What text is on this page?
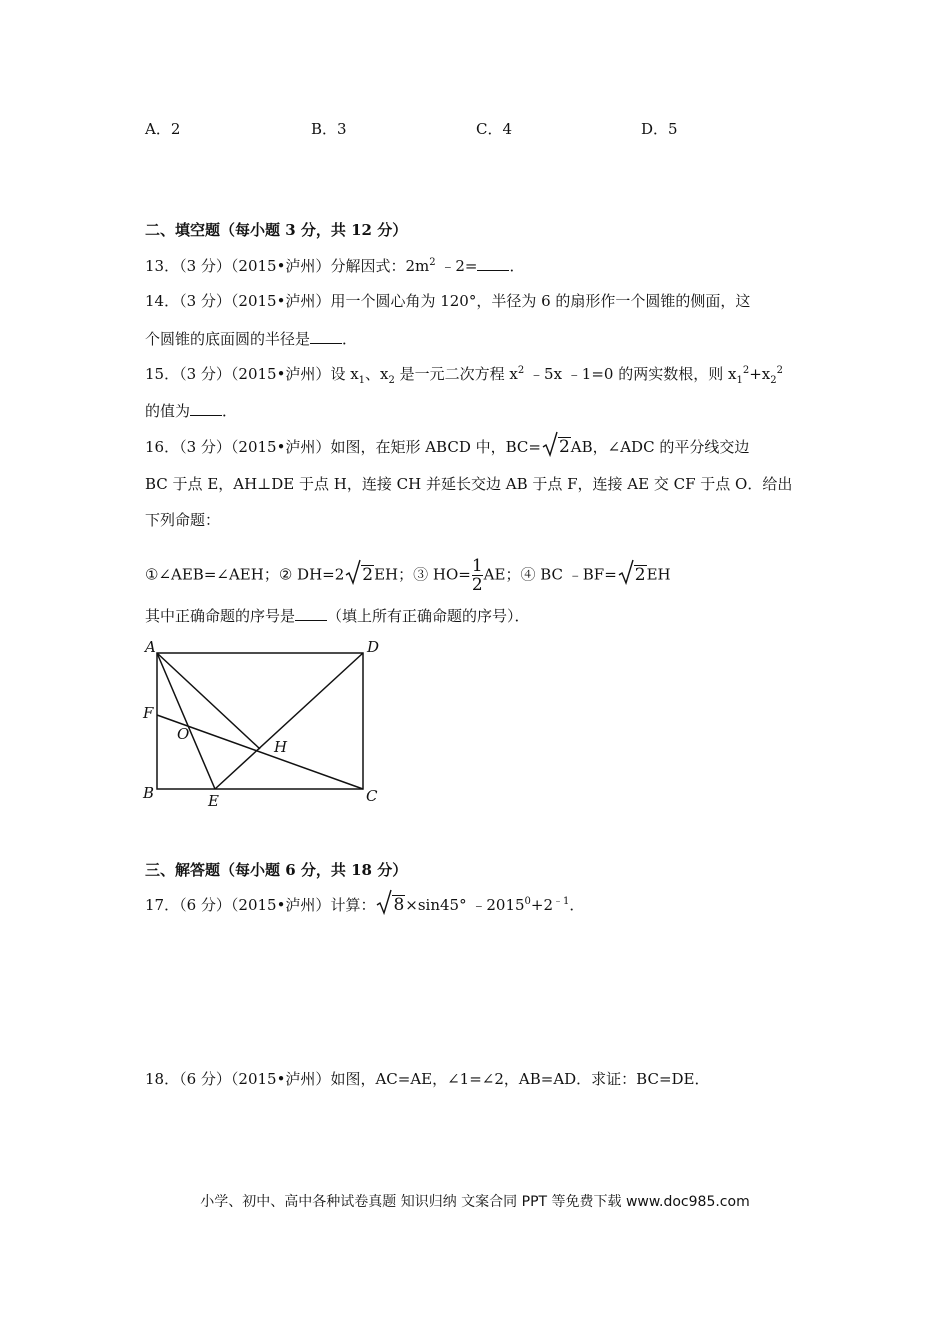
A．2	B．3	C．4	D．5
二、填空题（每小题 3 分，共 12 分）
13．（3 分）（2015•泸州）分解因式：$2m^2$ ﹣2= ．
14．（3 分）（2015•泸州）用一个圆心角为 120°，半径为 6 的扇形作一个圆锥的侧面，这
个圆锥的底面圆的半径是 ．
15．（3 分）（2015•泸州）设 $x_1$、$x_2$ 是一元二次方程 $x^2$ ﹣5x ﹣1=0 的两实数根，则 $x_1^2+x_2^2$
的值为 ．
16．（3 分）（2015•泸州）如图，在矩形 ABCD 中，BC= 2AB，∠ADC 的平分线交边
BC 于点 E，AH⊥DE 于点 H，连接 CH 并延长交边 AB 于点 F，连接 AE 交 CF 于点 O．给出
下列命题：
①∠AEB=∠AEH；② DH=2 2EH；③ $HO= \frac{1}{2}$ AE；④ BC ﹣BF= 2EH
其中正确命题的序号是 （填上所有正确命题的序号）．
A	D
F
O
H
B	E	C
三、解答题（每小题 6 分，共 18 分）
17．（6 分）（2015•泸州）计算： 8×sin45° $﹣2015^0+2^{﹣1}$．
18．（6 分）（2015•泸州）如图，AC=AE，∠1=∠2，AB=AD．求证：BC=DE．
小学、初中、高中各种试卷真题 知识归纳 文案合同 PPT 等免费下载 www.doc985.com
